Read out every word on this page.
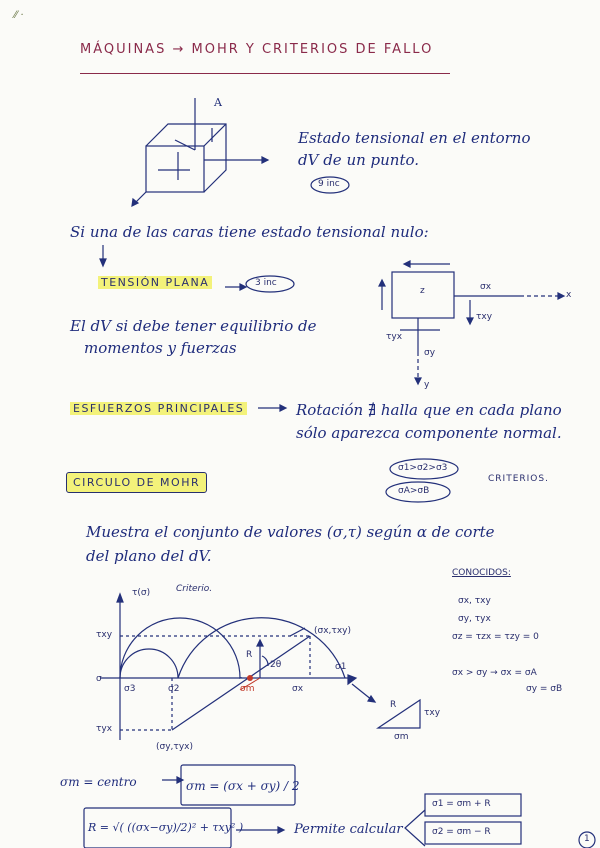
MÁQUINAS → MOHR Y CRITERIOS DE FALLO
⁄⁄ ·
A
Estado tensional en el entorno
dV de un punto.
9 inc
Si una de las caras tiene estado tensional nulo:
TENSIÓN PLANA	3 inc
El dV si debe tener equilibrio de
momentos y fuerzas
z	σx
x
τxy
τyx
σy
y
ESFUERZOS PRINCIPALES	Rotación ∄ halla que en cada plano
sólo aparezca componente normal.
CIRCULO DE MOHR
σ1>σ2>σ3
σA>σB
CRITERIOS.
Muestra el conjunto de valores (σ,τ) según α de corte
del plano del dV.
τ(σ)	Criterio.
τxy
τyx
σ3	σ2
σ1
σ
σm	σx
R
2θ
(σx,τxy)
(σy,τyx)
R
τxy
σm
CONOCIDOS:
σx, τxy
σy, τyx
σz = τzx = τzy = 0
σx > σy → σx = σA
σy = σB
σm = centro	σm = (σx + σy) / 2
R = √( ((σx−σy)/2)² + τxy² )	Permite calcular
σ1 = σm + R
σ2 = σm − R
1
